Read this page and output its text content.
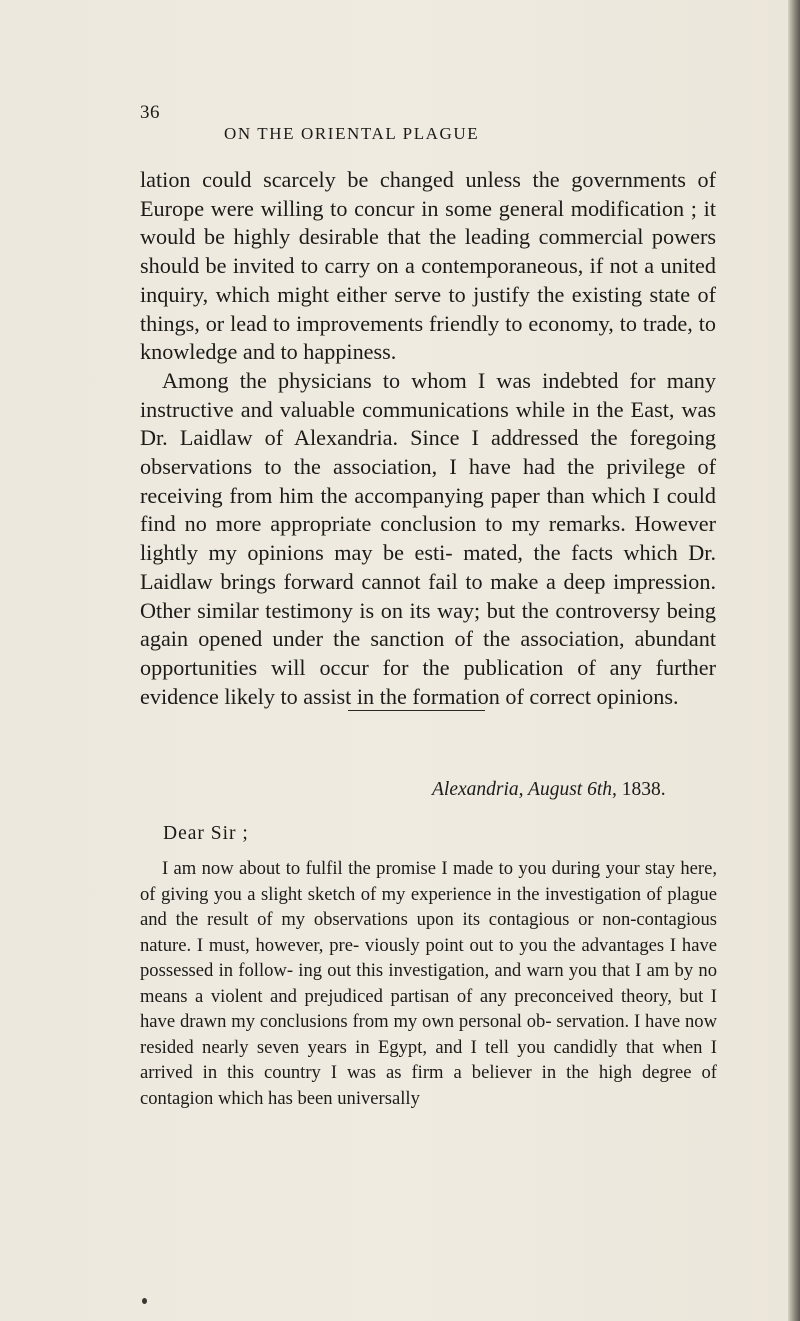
36
ON THE ORIENTAL PLAGUE

lation could scarcely be changed unless the governments of Europe were willing to concur in some general modification ; it would be highly desirable that the leading commercial powers should be invited to carry on a contemporaneous, if not a united inquiry, which might either serve to justify the existing state of things, or lead to improvements friendly to economy, to trade, to knowledge and to happiness.

Among the physicians to whom I was indebted for many instructive and valuable communications while in the East, was Dr. Laidlaw of Alexandria. Since I addressed the foregoing observations to the association, I have had the privilege of receiving from him the accompanying paper than which I could find no more appropriate conclusion to my remarks. However lightly my opinions may be esti- mated, the facts which Dr. Laidlaw brings forward cannot fail to make a deep impression. Other similar testimony is on its way; but the controversy being again opened under the sanction of the association, abundant opportunities will occur for the publication of any further evidence likely to assist in the formation of correct opinions.

Alexandria, August 6th, 1838.
Dear Sir ;

I am now about to fulfil the promise I made to you during your stay here, of giving you a slight sketch of my experience in the investigation of plague and the result of my observations upon its contagious or non-contagious nature. I must, however, pre- viously point out to you the advantages I have possessed in follow- ing out this investigation, and warn you that I am by no means a violent and prejudiced partisan of any preconceived theory, but I have drawn my conclusions from my own personal ob- servation. I have now resided nearly seven years in Egypt, and I tell you candidly that when I arrived in this country I was as firm a believer in the high degree of contagion which has been universally
